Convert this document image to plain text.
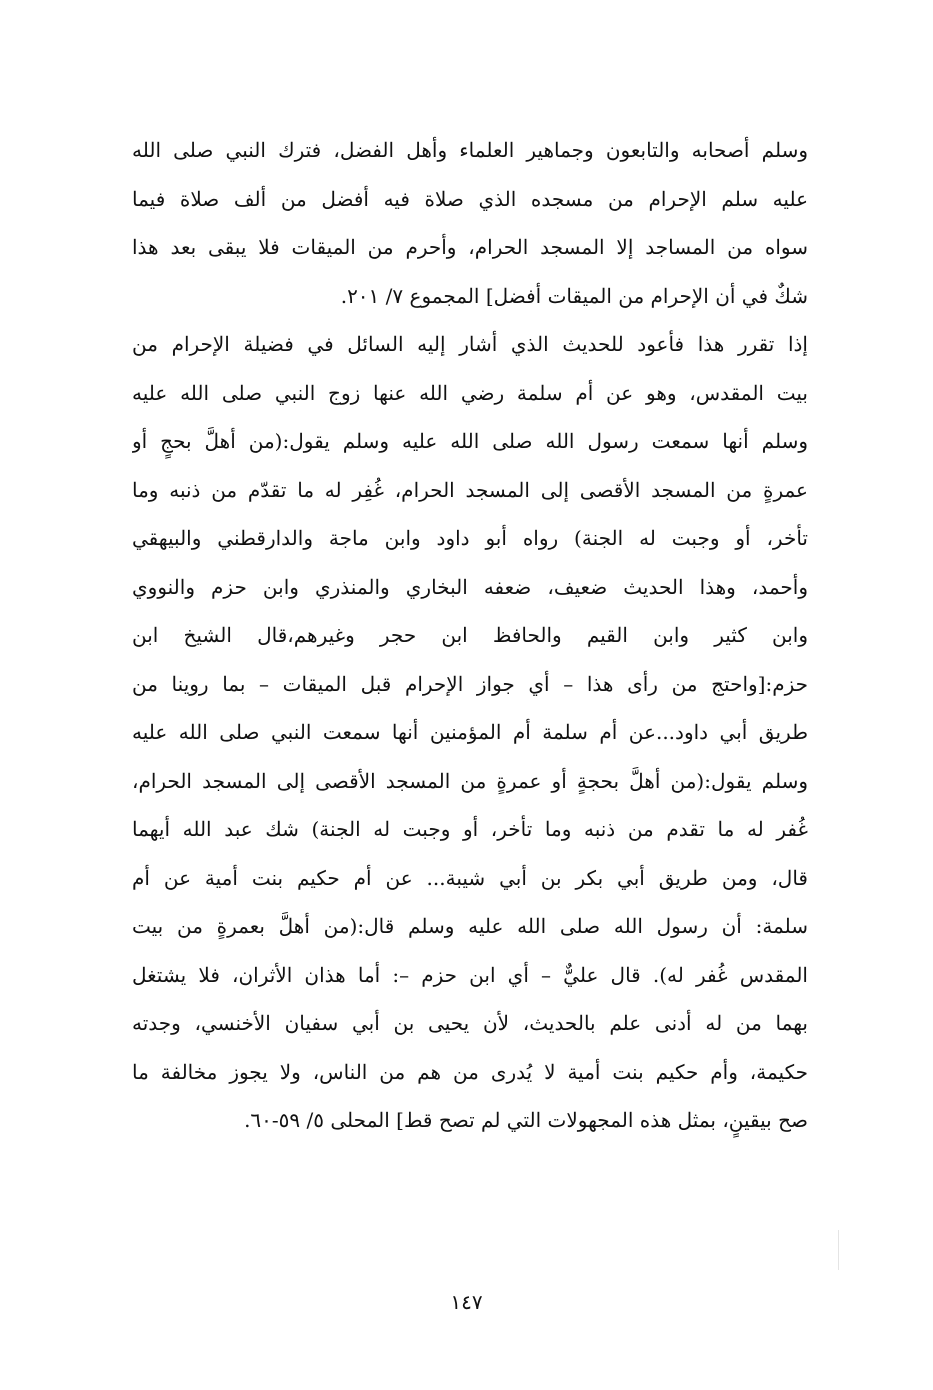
وسلم أصحابه والتابعون وجماهير العلماء وأهل الفضل، فترك النبي صلى الله
عليه سلم الإحرام من مسجده الذي صلاة فيه أفضل من ألف صلاة فيما
سواه من المساجد إلا المسجد الحرام، وأحرم من الميقات فلا يبقى بعد هذا
شكٌ في أن الإحرام من الميقات أفضل] المجموع ٧/ ٢٠١.
إذا تقرر هذا فأعود للحديث الذي أشار إليه السائل في فضيلة الإحرام من
بيت المقدس، وهو عن أم سلمة رضي الله عنها زوج النبي صلى الله عليه
وسلم أنها سمعت رسول الله صلى الله عليه وسلم يقول:(من أهلَّ بحجٍ أو
عمرةٍ من المسجد الأقصى إلى المسجد الحرام، غُفِر له ما تقدّم من ذنبه وما
تأخر، أو وجبت له الجنة) رواه أبو داود وابن ماجة والدارقطني والبيهقي
وأحمد، وهذا الحديث ضعيف، ضعفه البخاري والمنذري وابن حزم والنووي
وابن كثير وابن القيم والحافظ ابن حجر وغيرهم،قال الشيخ ابن
حزم:[واحتج من رأى هذا – أي جواز الإحرام قبل الميقات – بما روينا من
طريق أبي داود...عن أم سلمة أم المؤمنين أنها سمعت النبي صلى الله عليه
وسلم يقول:(من أهلَّ بحجةٍ أو عمرةٍ من المسجد الأقصى إلى المسجد الحرام،
غُفر له ما تقدم من ذنبه وما تأخر، أو وجبت له الجنة) شك عبد الله أيهما
قال، ومن طريق أبي بكر بن أبي شيبة... عن أم حكيم بنت أمية عن أم
سلمة: أن رسول الله صلى الله عليه وسلم قال:(من أهلَّ بعمرةٍ من بيت
المقدس غُفر له). قال عليٌّ – أي ابن حزم –: أما هذان الأثران، فلا يشتغل
بهما من له أدنى علم بالحديث، لأن يحيى بن أبي سفيان الأخنسي، وجدته
حكيمة، وأم حكيم بنت أمية لا يُدرى من هم من الناس، ولا يجوز مخالفة ما
صح بيقينٍ، بمثل هذه المجهولات التي لم تصح قط] المحلى ٥/ ٥٩-٦٠.
١٤٧
